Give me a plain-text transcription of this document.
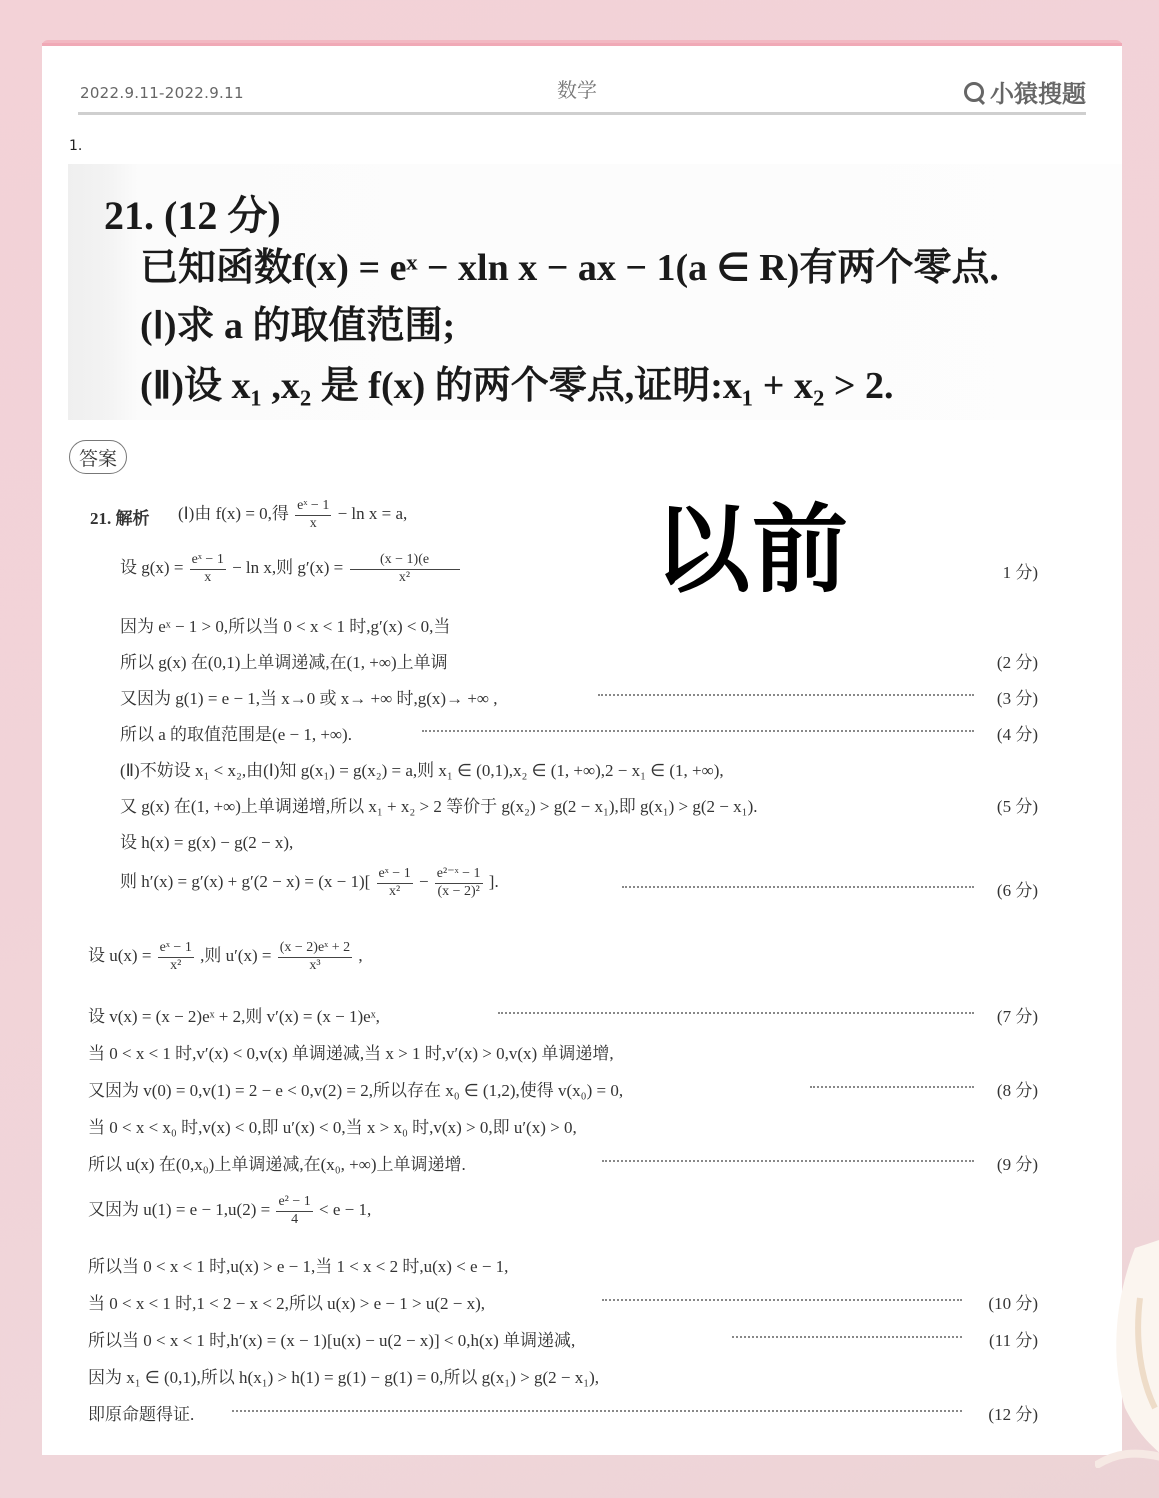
2022.9.11-2022.9.11	数学	小猿搜题
1.
21. (12 分)
已知函数f(x) = eˣ − xln x − ax − 1(a ∈ R)有两个零点.
(Ⅰ)求 a 的取值范围;
(Ⅱ)设 x₁ ,x₂ 是 f(x) 的两个零点,证明:x₁ + x₂ > 2.
答案
以前
21. 解析 (Ⅰ)由 f(x) = 0,得 $\frac{\text{eˣ − 1}}{x} - \ln x = a$,
设 $g(x) = \frac{\text{eˣ − 1}}{x} - \ln x$,则 $g'(x) = \frac{(x - 1)(e}{\text{x²}}$	1 分)
因为 eˣ − 1 > 0,所以当 0 < x < 1 时,g′(x) < 0,当
所以 g(x) 在(0,1)上单调递减,在(1, +∞)上单调	(2 分)
又因为 g(1) = e − 1,当 x→0 或 x→ +∞ 时,g(x)→ +∞ ,	(3 分)
所以 a 的取值范围是(e − 1, +∞).	(4 分)
(Ⅱ)不妨设 x₁ < x₂,由(Ⅰ)知 g(x₁) = g(x₂) = a,则 x₁ ∈ (0,1),x₂ ∈ (1, +∞),2 − x₁ ∈ (1, +∞),
又 g(x) 在(1, +∞)上单调递增,所以 x₁ + x₂ > 2 等价于 g(x₂) > g(2 − x₁),即 g(x₁) > g(2 − x₁).	(5 分)
设 h(x) = g(x) − g(2 − x),
则 $h'(x) = g'(x) + g'(2 - x) = (x - 1)[ \frac{\text{eˣ − 1}}{\text{x²}} - \frac{\text{e²⁻ˣ − 1}}{\text{(x − 2)²}}$ ].	(6 分)
设 $u(x) = \frac{\text{eˣ − 1}}{\text{x²}}$ ,则 $u'(x) = \frac{\text{(x − 2)eˣ + 2}}{\text{x³}}$ ,
设 v(x) = (x − 2)eˣ + 2,则 v′(x) = (x − 1)eˣ,	(7 分)
当 0 < x < 1 时,v′(x) < 0,v(x) 单调递减,当 x > 1 时,v′(x) > 0,v(x) 单调递增,
又因为 v(0) = 0,v(1) = 2 − e < 0,v(2) = 2,所以存在 x₀ ∈ (1,2),使得 v(x₀) = 0,	(8 分)
当 0 < x < x₀ 时,v(x) < 0,即 u′(x) < 0,当 x > x₀ 时,v(x) > 0,即 u′(x) > 0,
所以 u(x) 在(0,x₀)上单调递减,在(x₀, +∞)上单调递增.	(9 分)
又因为 $u(1) = e - 1,u(2) = \frac{\text{e² − 1}}{4} < e - 1$,
所以当 0 < x < 1 时,u(x) > e − 1,当 1 < x < 2 时,u(x) < e − 1,
当 0 < x < 1 时,1 < 2 − x < 2,所以 u(x) > e − 1 > u(2 − x),	(10 分)
所以当 0 < x < 1 时,h′(x) = (x − 1)[u(x) − u(2 − x)] < 0,h(x) 单调递减,	(11 分)
因为 x₁ ∈ (0,1),所以 h(x₁) > h(1) = g(1) − g(1) = 0,所以 g(x₁) > g(2 − x₁),
即原命题得证.	(12 分)
